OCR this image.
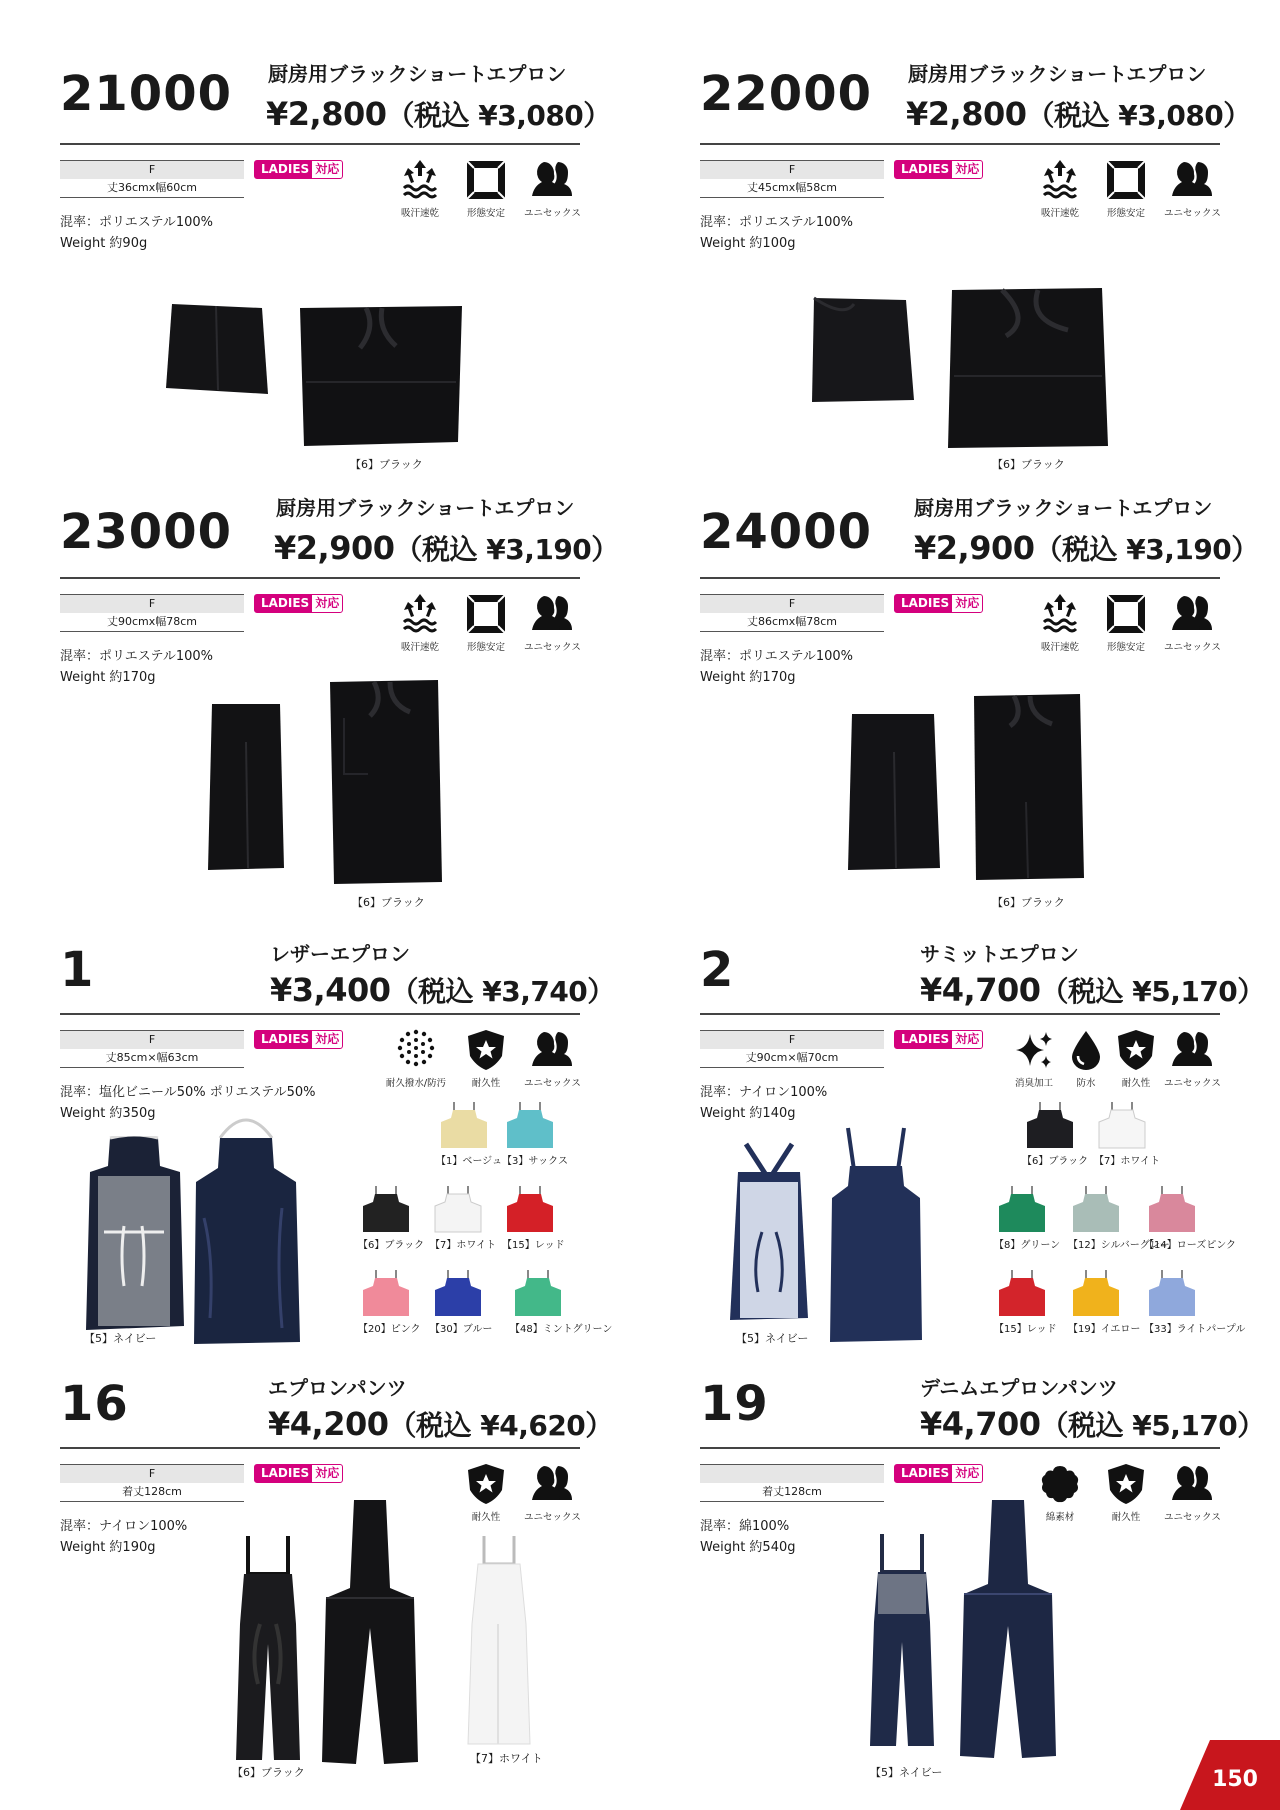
21000 厨房用ブラックショートエプロン
¥2,800（税込 ¥3,080）
F
丈36cmx幅60cm
LADIES 対応
混率：ポリエステル100%
Weight 約90g
吸汗速乾	形態安定	ユニセックス
【6】ブラック
22000 厨房用ブラックショートエプロン
¥2,800（税込 ¥3,080）
F
丈45cmx幅58cm
LADIES 対応
混率：ポリエステル100%
Weight 約100g
吸汗速乾	形態安定	ユニセックス
【6】ブラック
23000 厨房用ブラックショートエプロン
¥2,900（税込 ¥3,190）
F
丈90cmx幅78cm
LADIES 対応
混率：ポリエステル100%
Weight 約170g
吸汗速乾	形態安定	ユニセックス
【6】ブラック
24000 厨房用ブラックショートエプロン
¥2,900（税込 ¥3,190）
F
丈86cmx幅78cm
LADIES 対応
混率：ポリエステル100%
Weight 約170g
吸汗速乾	形態安定	ユニセックス
【6】ブラック
1	レザーエプロン
¥3,400（税込 ¥3,740）
F
丈85cm×幅63cm
LADIES 対応
混率：塩化ビニール50% ポリエステル50%
Weight 約350g
耐久撥水/防汚	耐久性	ユニセックス
【5】ネイビー
【1】ベージュ 【3】サックス
【6】ブラック 【7】ホワイト 【15】レッド
【20】ピンク 【30】ブルー 【48】ミントグリーン
2	サミットエプロン
¥4,700（税込 ¥5,170）
F
丈90cm×幅70cm
LADIES 対応
混率：ナイロン100%
Weight 約140g
消臭加工	防水	耐久性	ユニセックス
【5】ネイビー
【6】ブラック 【7】ホワイト
【8】グリーン 【12】シルバーグレー
【14】ローズピンク
【15】レッド 【19】イエロー 【33】ライトパープル
16	エプロンパンツ
¥4,200（税込 ¥4,620）
F
着丈128cm
LADIES 対応
混率：ナイロン100%
Weight 約190g
耐久性	ユニセックス
【6】ブラック
【7】ホワイト
19	デニムエプロンパンツ
¥4,700（税込 ¥5,170）
着丈128cm
LADIES 対応
混率：綿100%
Weight 約540g
綿素材	耐久性	ユニセックス
【5】ネイビー	150
